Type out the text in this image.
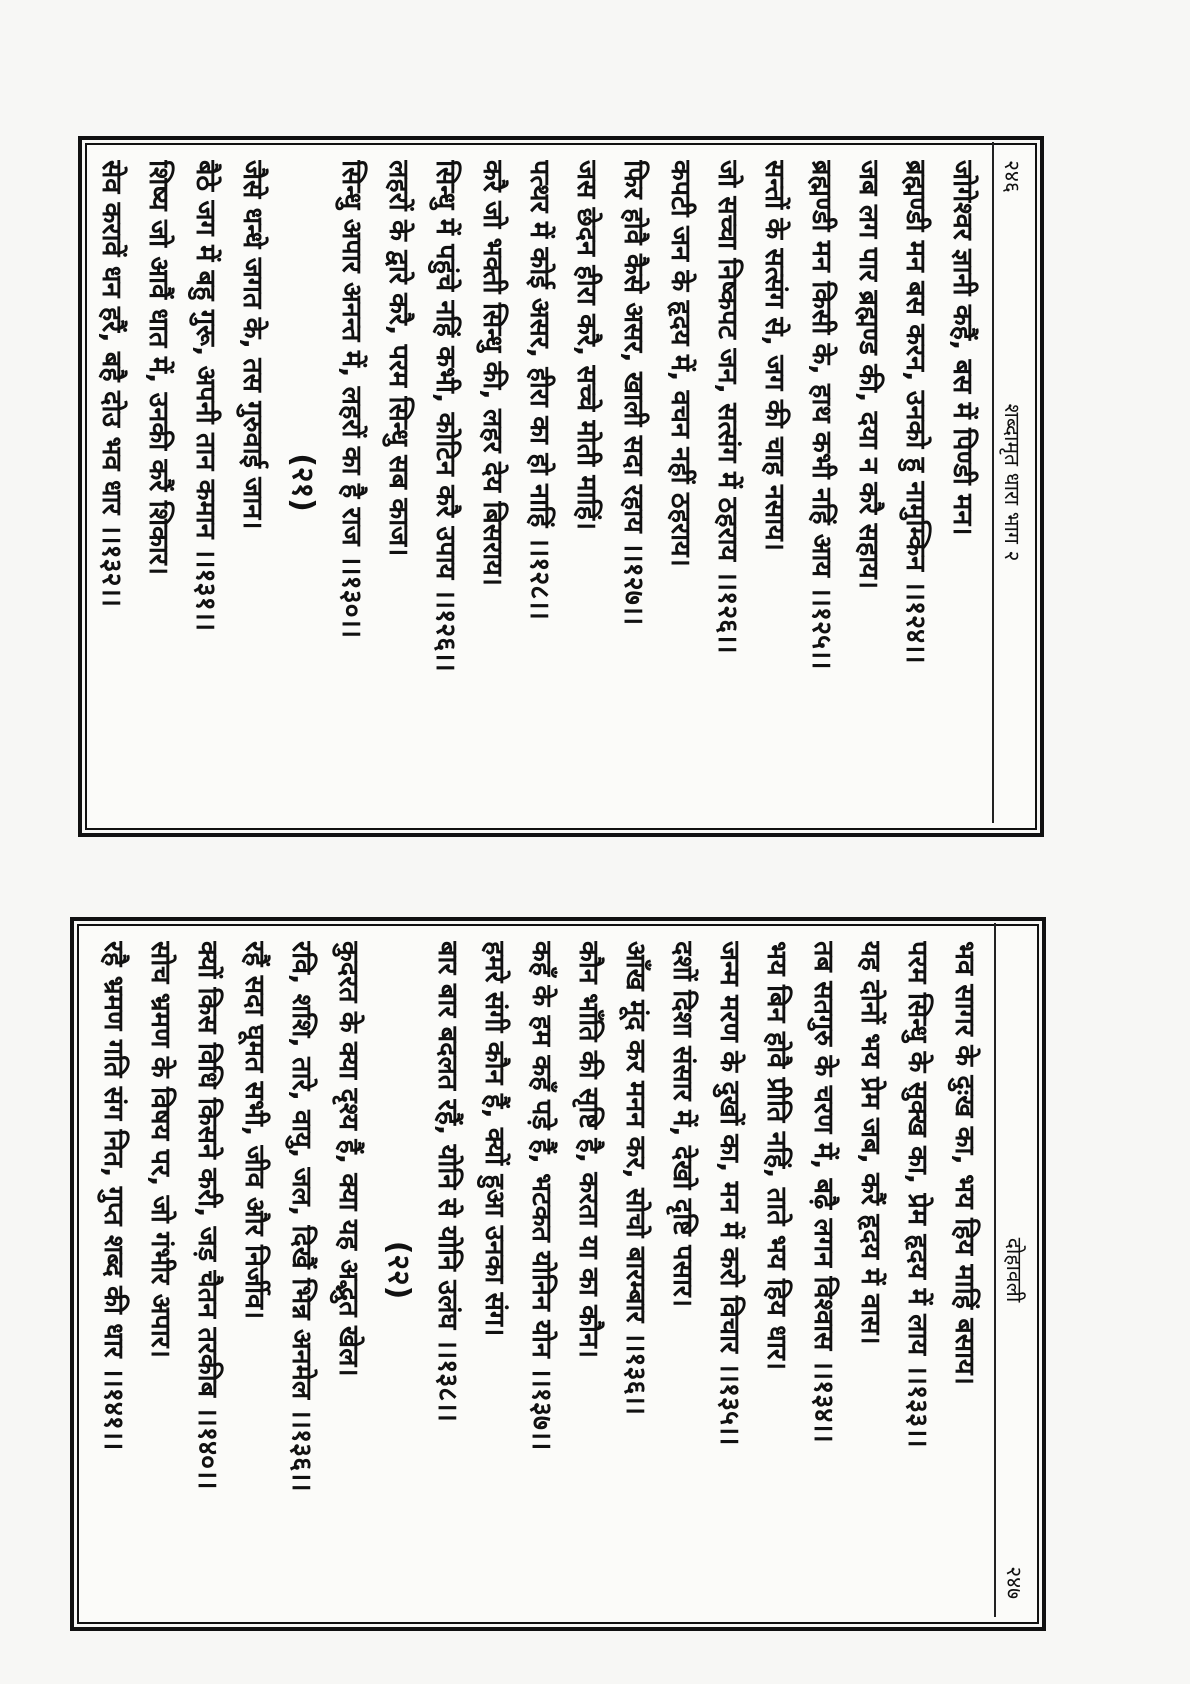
२४६
शब्दामृत धारा भाग २
जोगेश्वर ज्ञानी कहैं, बस में पिण्डी मन।
ब्रह्मण्डी मन बस करन, उनको हु नामुम्किन ।।१२४।।
जब लग पार ब्रह्मण्ड की, दया न करै सहाय।
ब्रह्मण्डी मन किसी के, हाथ कभी नहिं आय ।।१२५।।
सन्तों के सत्संग से, जग की चाह नसाय।
जो सच्चा निष्कपट जन, सत्संग में ठहराय ।।१२६।।
कपटी जन के हृदय में, वचन नहीं ठहराय।
फिर होवै कैसे असर, खाली सदा रहाय ।।१२७।।
जस छेदन हीरा करै, सच्चे मोती माहिं।
पत्थर में कोई असर, हीरा का हो नाहिं ।।१२८।।
करै जो भक्ती सिन्धु की, लहर देय बिसराय।
सिन्धु में पहुंचे नहिं कभी, कोटिन करै उपाय ।।१२६।।
लहरों के द्वारे करै, परम सिन्धु सब काज।
सिन्धु अपार अनन्त में, लहरों का है राज ।।१३०।।
(२१)
जैसे धन्धे जगत के, तस गुरुवाई जान।
बैठे जग में बहु गुरू, अपनी तान कमान ।।१३१।।
शिष्य जो आवैं धात में, उनकी करैं शिकार।
सेव करावें धन हरैं, बहै दोउ भव धार ।।१३२।।
दोहावली
२४७
भव सागर के दुःख का, भय हिय माहिं बसाय।
परम सिन्धु के सुक्ख का, प्रेम हृदय में लाय ।।१३३।।
यह दोनों भय प्रेम जब, करैं हृदय में वास।
तब सतगुरु के चरण में, बढ़ै लगन विश्वास ।।१३४।।
भय बिन होवै प्रीति नहिं, ताते भय हिय धार।
जन्म मरण के दुखों का, मन में करो विचार ।।१३५।।
दशों दिशा संसार में, देखो दृष्टि पसार।
आँख मूंद कर मनन कर, सोचो बारम्बार ।।१३६।।
कौन भाँति की सृष्टि है, करता या का कौन।
कहँ के हम कहँ पड़े हैं, भटकत योनिन योन ।।१३७।।
हमरे संगी कौन हैं, क्यों हुआ उनका संग।
बार बार बदलत रहैं, योनि से योनि उलंघ ।।१३८।।
(२२)
कुदरत के क्या दृश्य हैं, क्या यह अद्भुत खेल।
रवि, शशि, तारे, वायु, जल, दिखैं भिन्न अनमेल ।।१३६।।
रहैं सदा घूमत सभी, जीव और निर्जीव।
क्यों किस विधि किसने करी, जड़ चैतन तरकीब ।।१४०।।
सोच भ्रमण के विषय पर, जो गंभीर अपार।
रहै भ्रमण गति संग नित, गुप्त शब्द की धार ।।१४१।।
